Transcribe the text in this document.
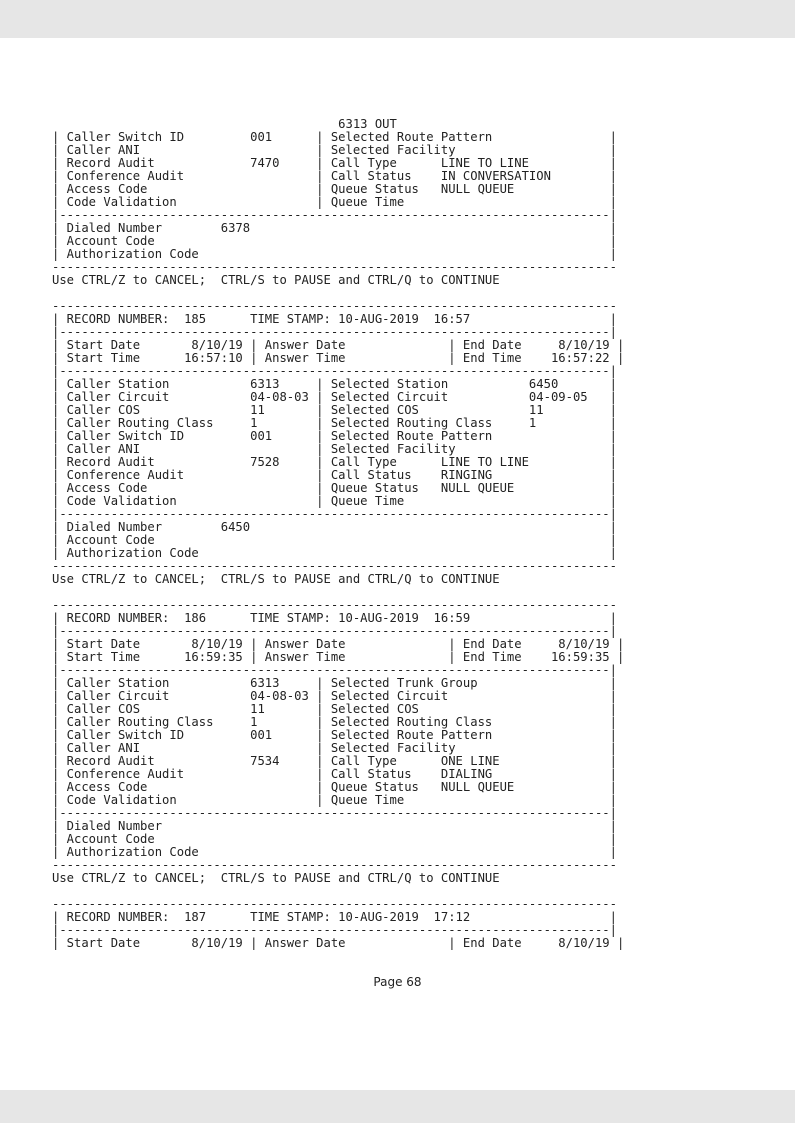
6313 OUT
| Caller Switch ID         001      | Selected Route Pattern                |
| Caller ANI                        | Selected Facility                     |
| Record Audit             7470     | Call Type      LINE TO LINE           |
| Conference Audit                  | Call Status    IN CONVERSATION        |
| Access Code                       | Queue Status   NULL QUEUE             |
| Code Validation                   | Queue Time                            |
|---------------------------------------------------------------------------|
| Dialed Number        6378                                                 |
| Account Code                                                              |
| Authorization Code                                                        |
-----------------------------------------------------------------------------
Use CTRL/Z to CANCEL;  CTRL/S to PAUSE and CTRL/Q to CONTINUE

-----------------------------------------------------------------------------
| RECORD NUMBER:  185      TIME STAMP: 10-AUG-2019  16:57                   |
|---------------------------------------------------------------------------|
| Start Date       8/10/19 | Answer Date              | End Date     8/10/19 |
| Start Time      16:57:10 | Answer Time              | End Time    16:57:22 |
|---------------------------------------------------------------------------|
| Caller Station           6313     | Selected Station           6450       |
| Caller Circuit           04-08-03 | Selected Circuit           04-09-05   |
| Caller COS               11       | Selected COS               11         |
| Caller Routing Class     1        | Selected Routing Class     1          |
| Caller Switch ID         001      | Selected Route Pattern                |
| Caller ANI                        | Selected Facility                     |
| Record Audit             7528     | Call Type      LINE TO LINE           |
| Conference Audit                  | Call Status    RINGING                |
| Access Code                       | Queue Status   NULL QUEUE             |
| Code Validation                   | Queue Time                            |
|---------------------------------------------------------------------------|
| Dialed Number        6450                                                 |
| Account Code                                                              |
| Authorization Code                                                        |
-----------------------------------------------------------------------------
Use CTRL/Z to CANCEL;  CTRL/S to PAUSE and CTRL/Q to CONTINUE

-----------------------------------------------------------------------------
| RECORD NUMBER:  186      TIME STAMP: 10-AUG-2019  16:59                   |
|---------------------------------------------------------------------------|
| Start Date       8/10/19 | Answer Date              | End Date     8/10/19 |
| Start Time      16:59:35 | Answer Time              | End Time    16:59:35 |
|---------------------------------------------------------------------------|
| Caller Station           6313     | Selected Trunk Group                  |
| Caller Circuit           04-08-03 | Selected Circuit                      |
| Caller COS               11       | Selected COS                          |
| Caller Routing Class     1        | Selected Routing Class                |
| Caller Switch ID         001      | Selected Route Pattern                |
| Caller ANI                        | Selected Facility                     |
| Record Audit             7534     | Call Type      ONE LINE               |
| Conference Audit                  | Call Status    DIALING                |
| Access Code                       | Queue Status   NULL QUEUE             |
| Code Validation                   | Queue Time                            |
|---------------------------------------------------------------------------|
| Dialed Number                                                             |
| Account Code                                                              |
| Authorization Code                                                        |
-----------------------------------------------------------------------------
Use CTRL/Z to CANCEL;  CTRL/S to PAUSE and CTRL/Q to CONTINUE

-----------------------------------------------------------------------------
| RECORD NUMBER:  187      TIME STAMP: 10-AUG-2019  17:12                   |
|---------------------------------------------------------------------------|
| Start Date       8/10/19 | Answer Date              | End Date     8/10/19 |
Page 68
